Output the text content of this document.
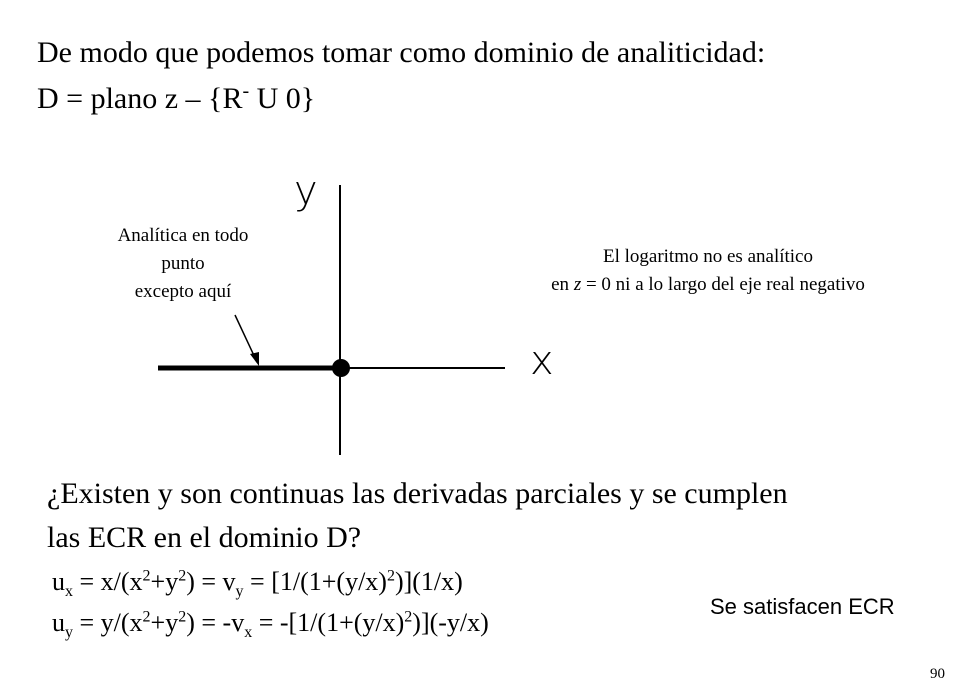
De modo que podemos tomar como dominio de analiticidad:
D = plano z – {R- U 0}
y
x
Analítica en todo
punto
excepto aquí
El logaritmo no es analítico
en z = 0 ni a lo largo del eje real negativo
¿Existen y son continuas las derivadas parciales y se cumplen
las ECR en el dominio D?
$u_x = x/(x^2+y^2) = v_y = [1/(1+(y/x)^2)](1/x)$
$u_y = y/(x^2+y^2) = -v_x = -[1/(1+(y/x)^2)](-y/x)$
Se satisfacen ECR
90
